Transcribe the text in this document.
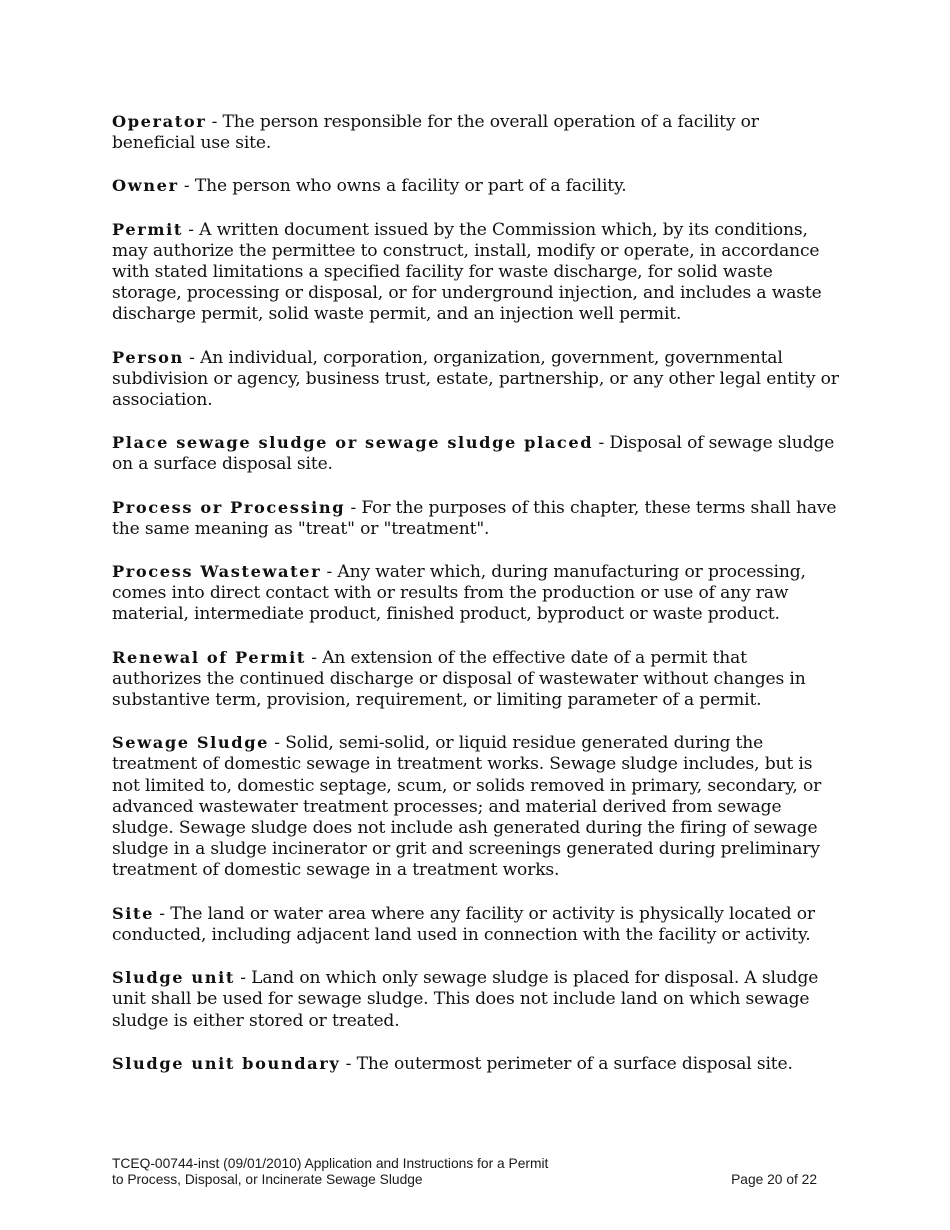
Operator - The person responsible for the overall operation of a facility or beneficial use site.

Owner - The person who owns a facility or part of a facility.

Permit - A written document issued by the Commission which, by its conditions, may authorize the permittee to construct, install, modify or operate, in accordance with stated limitations a specified facility for waste discharge, for solid waste storage, processing or disposal, or for underground injection, and includes a waste discharge permit, solid waste permit, and an injection well permit.

Person - An individual, corporation, organization, government, governmental subdivision or agency, business trust, estate, partnership, or any other legal entity or association.

Place sewage sludge or sewage sludge placed - Disposal of sewage sludge on a surface disposal site.

Process or Processing - For the purposes of this chapter, these terms shall have the same meaning as "treat" or "treatment".

Process Wastewater - Any water which, during manufacturing or processing, comes into direct contact with or results from the production or use of any raw material, intermediate product, finished product, byproduct or waste product.

Renewal of Permit - An extension of the effective date of a permit that authorizes the continued discharge or disposal of wastewater without changes in substantive term, provision, requirement, or limiting parameter of a permit.

Sewage Sludge - Solid, semi-solid, or liquid residue generated during the treatment of domestic sewage in treatment works. Sewage sludge includes, but is not limited to, domestic septage, scum, or solids removed in primary, secondary, or advanced wastewater treatment processes; and material derived from sewage sludge. Sewage sludge does not include ash generated during the firing of sewage sludge in a sludge incinerator or grit and screenings generated during preliminary treatment of domestic sewage in a treatment works.

Site - The land or water area where any facility or activity is physically located or conducted, including adjacent land used in connection with the facility or activity.

Sludge unit - Land on which only sewage sludge is placed for disposal. A sludge unit shall be used for sewage sludge. This does not include land on which sewage sludge is either stored or treated.

Sludge unit boundary - The outermost perimeter of a surface disposal site.

TCEQ-00744-inst (09/01/2010) Application and Instructions for a Permit
to Process, Disposal, or Incinerate Sewage Sludge	Page 20 of 22
